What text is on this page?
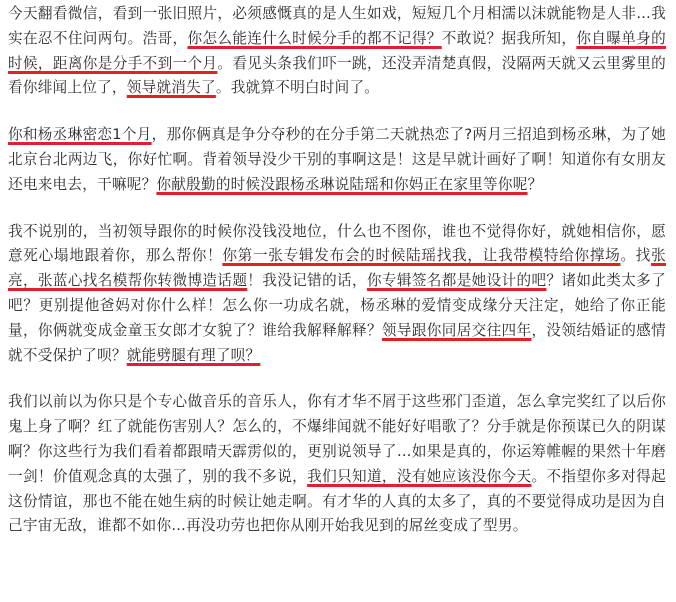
今天翻看微信，看到一张旧照片，必须感慨真的是人生如戏，短短几个月相濡以沫就能物是人非…我实在忍不住问两句。浩哥，你怎么能连什么时候分手的都不记得？不敢说？据我所知，你自曝单身的时候，距离你是分手不到一个月。看见头条我们吓一跳，还没弄清楚真假，没隔两天就又云里雾里的看你绯闻上位了，领导就消失了。我就算不明白时间了。

你和杨丞琳密恋1个月，那你俩真是争分夺秒的在分手第二天就热恋了?两月三招追到杨丞琳，为了她北京台北两边飞，你好忙啊。背着领导没少干别的事啊这是！这是早就计画好了啊！知道你有女朋友还电来电去，干嘛呢？你献殷勤的时候没跟杨丞琳说陆瑶和你妈正在家里等你呢？

我不说别的，当初领导跟你的时候你没钱没地位，什么也不图你，谁也不觉得你好，就她相信你，愿意死心塌地跟着你，那么帮你！你第一张专辑发布会的时候陆瑶找我，让我带模特给你撑场。找张亮，张蓝心找名模帮你转微博造话题！我没记错的话，你专辑签名都是她设计的吧？诸如此类太多了吧？更别提他爸妈对你什么样！怎么你一功成名就，杨丞琳的爱情变成缘分天注定，她给了你正能量，你俩就变成金童玉女郎才女貌了？谁给我解释解释？领导跟你同居交往四年，没领结婚证的感情就不受保护了呗？就能劈腿有理了呗？

我们以前以为你只是个专心做音乐的音乐人，你有才华不屑于这些邪门歪道，怎么拿完奖红了以后你鬼上身了啊？红了就能伤害别人？怎么的，不爆绯闻就不能好好唱歌了？分手就是你预谋已久的阴谋啊？你这些行为我们看着都跟晴天霹雳似的，更别说领导了…如果是真的，你运筹帷幄的果然十年磨一剑！价值观念真的太强了，别的我不多说，我们只知道，没有她应该没你今天。不指望你多对得起这份情谊，那也不能在她生病的时候让她走啊。有才华的人真的太多了，真的不要觉得成功是因为自己宇宙无敌，谁都不如你…再没功劳也把你从刚开始我见到的屌丝变成了型男。
